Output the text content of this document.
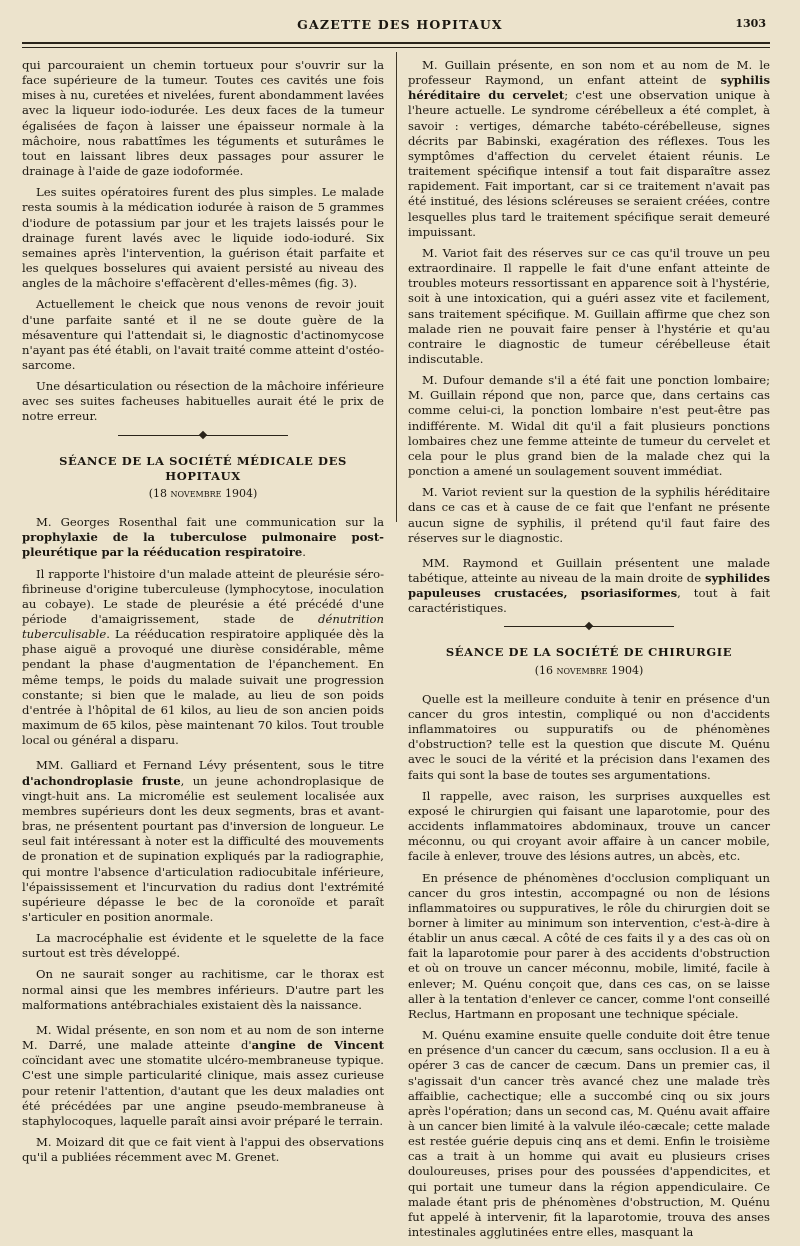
GAZETTE DES HOPITAUX	1303

qui parcouraient un chemin tortueux pour s'ouvrir sur la face supérieure de la tumeur. Toutes ces cavités une fois mises à nu, curetées et nivelées, furent abondamment lavées avec la liqueur iodo-iodurée. Les deux faces de la tumeur égalisées de façon à laisser une épaisseur normale à la mâchoire, nous rabattîmes les téguments et suturâmes le tout en laissant libres deux passages pour assurer le drainage à l'aide de gaze iodoformée.

Les suites opératoires furent des plus simples. Le malade resta soumis à la médication iodurée à raison de 5 grammes d'iodure de potassium par jour et les trajets laissés pour le drainage furent lavés avec le liquide iodo-ioduré. Six semaines après l'intervention, la guérison était parfaite et les quelques bosselures qui avaient persisté au niveau des angles de la mâchoire s'effacèrent d'elles-mêmes (fig. 3).

Actuellement le cheick que nous venons de revoir jouit d'une parfaite santé et il ne se doute guère de la mésaventure qui l'attendait si, le diagnostic d'actinomycose n'ayant pas été établi, on l'avait traité comme atteint d'ostéo-sarcome.

Une désarticulation ou résection de la mâchoire inférieure avec ses suites facheuses habituelles aurait été le prix de notre erreur.

SÉANCE DE LA SOCIÉTÉ MÉDICALE DES HOPITAUX
(18 novembre 1904)

M. Georges Rosenthal fait une communication sur la prophylaxie de la tuberculose pulmonaire post-pleurétique par la rééducation respiratoire.

Il rapporte l'histoire d'un malade atteint de pleurésie séro-fibrineuse d'origine tuberculeuse (lymphocytose, inoculation au cobaye). Le stade de pleurésie a été précédé d'une période d'amaigrissement, stade de dénutrition tuberculisable. La rééducation respiratoire appliquée dès la phase aiguë a provoqué une diurèse considérable, même pendant la phase d'augmentation de l'épanchement. En même temps, le poids du malade suivait une progression constante; si bien que le malade, au lieu de son poids d'entrée à l'hôpital de 61 kilos, au lieu de son ancien poids maximum de 65 kilos, pèse maintenant 70 kilos. Tout trouble local ou général a disparu.

MM. Galliard et Fernand Lévy présentent, sous le titre d'achondroplasie fruste, un jeune achondroplasique de vingt-huit ans. La micromélie est seulement localisée aux membres supérieurs dont les deux segments, bras et avant-bras, ne présentent pourtant pas d'inversion de longueur. Le seul fait intéressant à noter est la difficulté des mouvements de pronation et de supination expliqués par la radiographie, qui montre l'absence d'articulation radiocubitale inférieure, l'épaississement et l'incurvation du radius dont l'extrémité supérieure dépasse le bec de la coronoïde et paraît s'articuler en position anormale.

La macrocéphalie est évidente et le squelette de la face surtout est très développé.

On ne saurait songer au rachitisme, car le thorax est normal ainsi que les membres inférieurs. D'autre part les malformations antébrachiales existaient dès la naissance.

M. Widal présente, en son nom et au nom de son interne M. Darré, une malade atteinte d'angine de Vincent coïncidant avec une stomatite ulcéro-membraneuse typique. C'est une simple particularité clinique, mais assez curieuse pour retenir l'attention, d'autant que les deux maladies ont été précédées par une angine pseudo-membraneuse à staphylocoques, laquelle paraît ainsi avoir préparé le terrain.

M. Moizard dit que ce fait vient à l'appui des observations qu'il a publiées récemment avec M. Grenet.

M. Guillain présente, en son nom et au nom de M. le professeur Raymond, un enfant atteint de syphilis héréditaire du cervelet; c'est une observation unique à l'heure actuelle. Le syndrome cérébelleux a été complet, à savoir : vertiges, démarche tabéto-cérébelleuse, signes décrits par Babinski, exagération des réflexes. Tous les symptômes d'affection du cervelet étaient réunis. Le traitement spécifique intensif a tout fait disparaître assez rapidement. Fait important, car si ce traitement n'avait pas été institué, des lésions scléreuses se seraient créées, contre lesquelles plus tard le traitement spécifique serait demeuré impuissant.

M. Variot fait des réserves sur ce cas qu'il trouve un peu extraordinaire. Il rappelle le fait d'une enfant atteinte de troubles moteurs ressortissant en apparence soit à l'hystérie, soit à une intoxication, qui a guéri assez vite et facilement, sans traitement spécifique. M. Guillain affirme que chez son malade rien ne pouvait faire penser à l'hystérie et qu'au contraire le diagnostic de tumeur cérébelleuse était indiscutable.

M. Dufour demande s'il a été fait une ponction lombaire; M. Guillain répond que non, parce que, dans certains cas comme celui-ci, la ponction lombaire n'est peut-être pas indifférente. M. Widal dit qu'il a fait plusieurs ponctions lombaires chez une femme atteinte de tumeur du cervelet et cela pour le plus grand bien de la malade chez qui la ponction a amené un soulagement souvent immédiat.

M. Variot revient sur la question de la syphilis héréditaire dans ce cas et à cause de ce fait que l'enfant ne présente aucun signe de syphilis, il prétend qu'il faut faire des réserves sur le diagnostic.

MM. Raymond et Guillain présentent une malade tabétique, atteinte au niveau de la main droite de syphilides papuleuses crustacées, psoriasiformes, tout à fait caractéristiques.

SÉANCE DE LA SOCIÉTÉ DE CHIRURGIE
(16 novembre 1904)

Quelle est la meilleure conduite à tenir en présence d'un cancer du gros intestin, compliqué ou non d'accidents inflammatoires ou suppuratifs ou de phénomènes d'obstruction? telle est la question que discute M. Quénu avec le souci de la vérité et la précision dans l'examen des faits qui sont la base de toutes ses argumentations.

Il rappelle, avec raison, les surprises auxquelles est exposé le chirurgien qui faisant une laparotomie, pour des accidents inflammatoires abdominaux, trouve un cancer méconnu, ou qui croyant avoir affaire à un cancer mobile, facile à enlever, trouve des lésions autres, un abcès, etc.

En présence de phénomènes d'occlusion compliquant un cancer du gros intestin, accompagné ou non de lésions inflammatoires ou suppuratives, le rôle du chirurgien doit se borner à limiter au minimum son intervention, c'est-à-dire à établir un anus cæcal. A côté de ces faits il y a des cas où on fait la laparotomie pour parer à des accidents d'obstruction et où on trouve un cancer méconnu, mobile, limité, facile à enlever; M. Quénu conçoit que, dans ces cas, on se laisse aller à la tentation d'enlever ce cancer, comme l'ont conseillé Reclus, Hartmann en proposant une technique spéciale.

M. Quénu examine ensuite quelle conduite doit être tenue en présence d'un cancer du cæcum, sans occlusion. Il a eu à opérer 3 cas de cancer de cæcum. Dans un premier cas, il s'agissait d'un cancer très avancé chez une malade très affaiblie, cachectique; elle a succombé cinq ou six jours après l'opération; dans un second cas, M. Quénu avait affaire à un cancer bien limité à la valvule iléo-cæcale; cette malade est restée guérie depuis cinq ans et demi. Enfin le troisième cas a trait à un homme qui avait eu plusieurs crises douloureuses, prises pour des poussées d'appendicites, et qui portait une tumeur dans la région appendiculaire. Ce malade étant pris de phénomènes d'obstruction, M. Quénu fut appelé à intervenir, fit la laparotomie, trouva des anses intestinales agglutinées entre elles, masquant la
